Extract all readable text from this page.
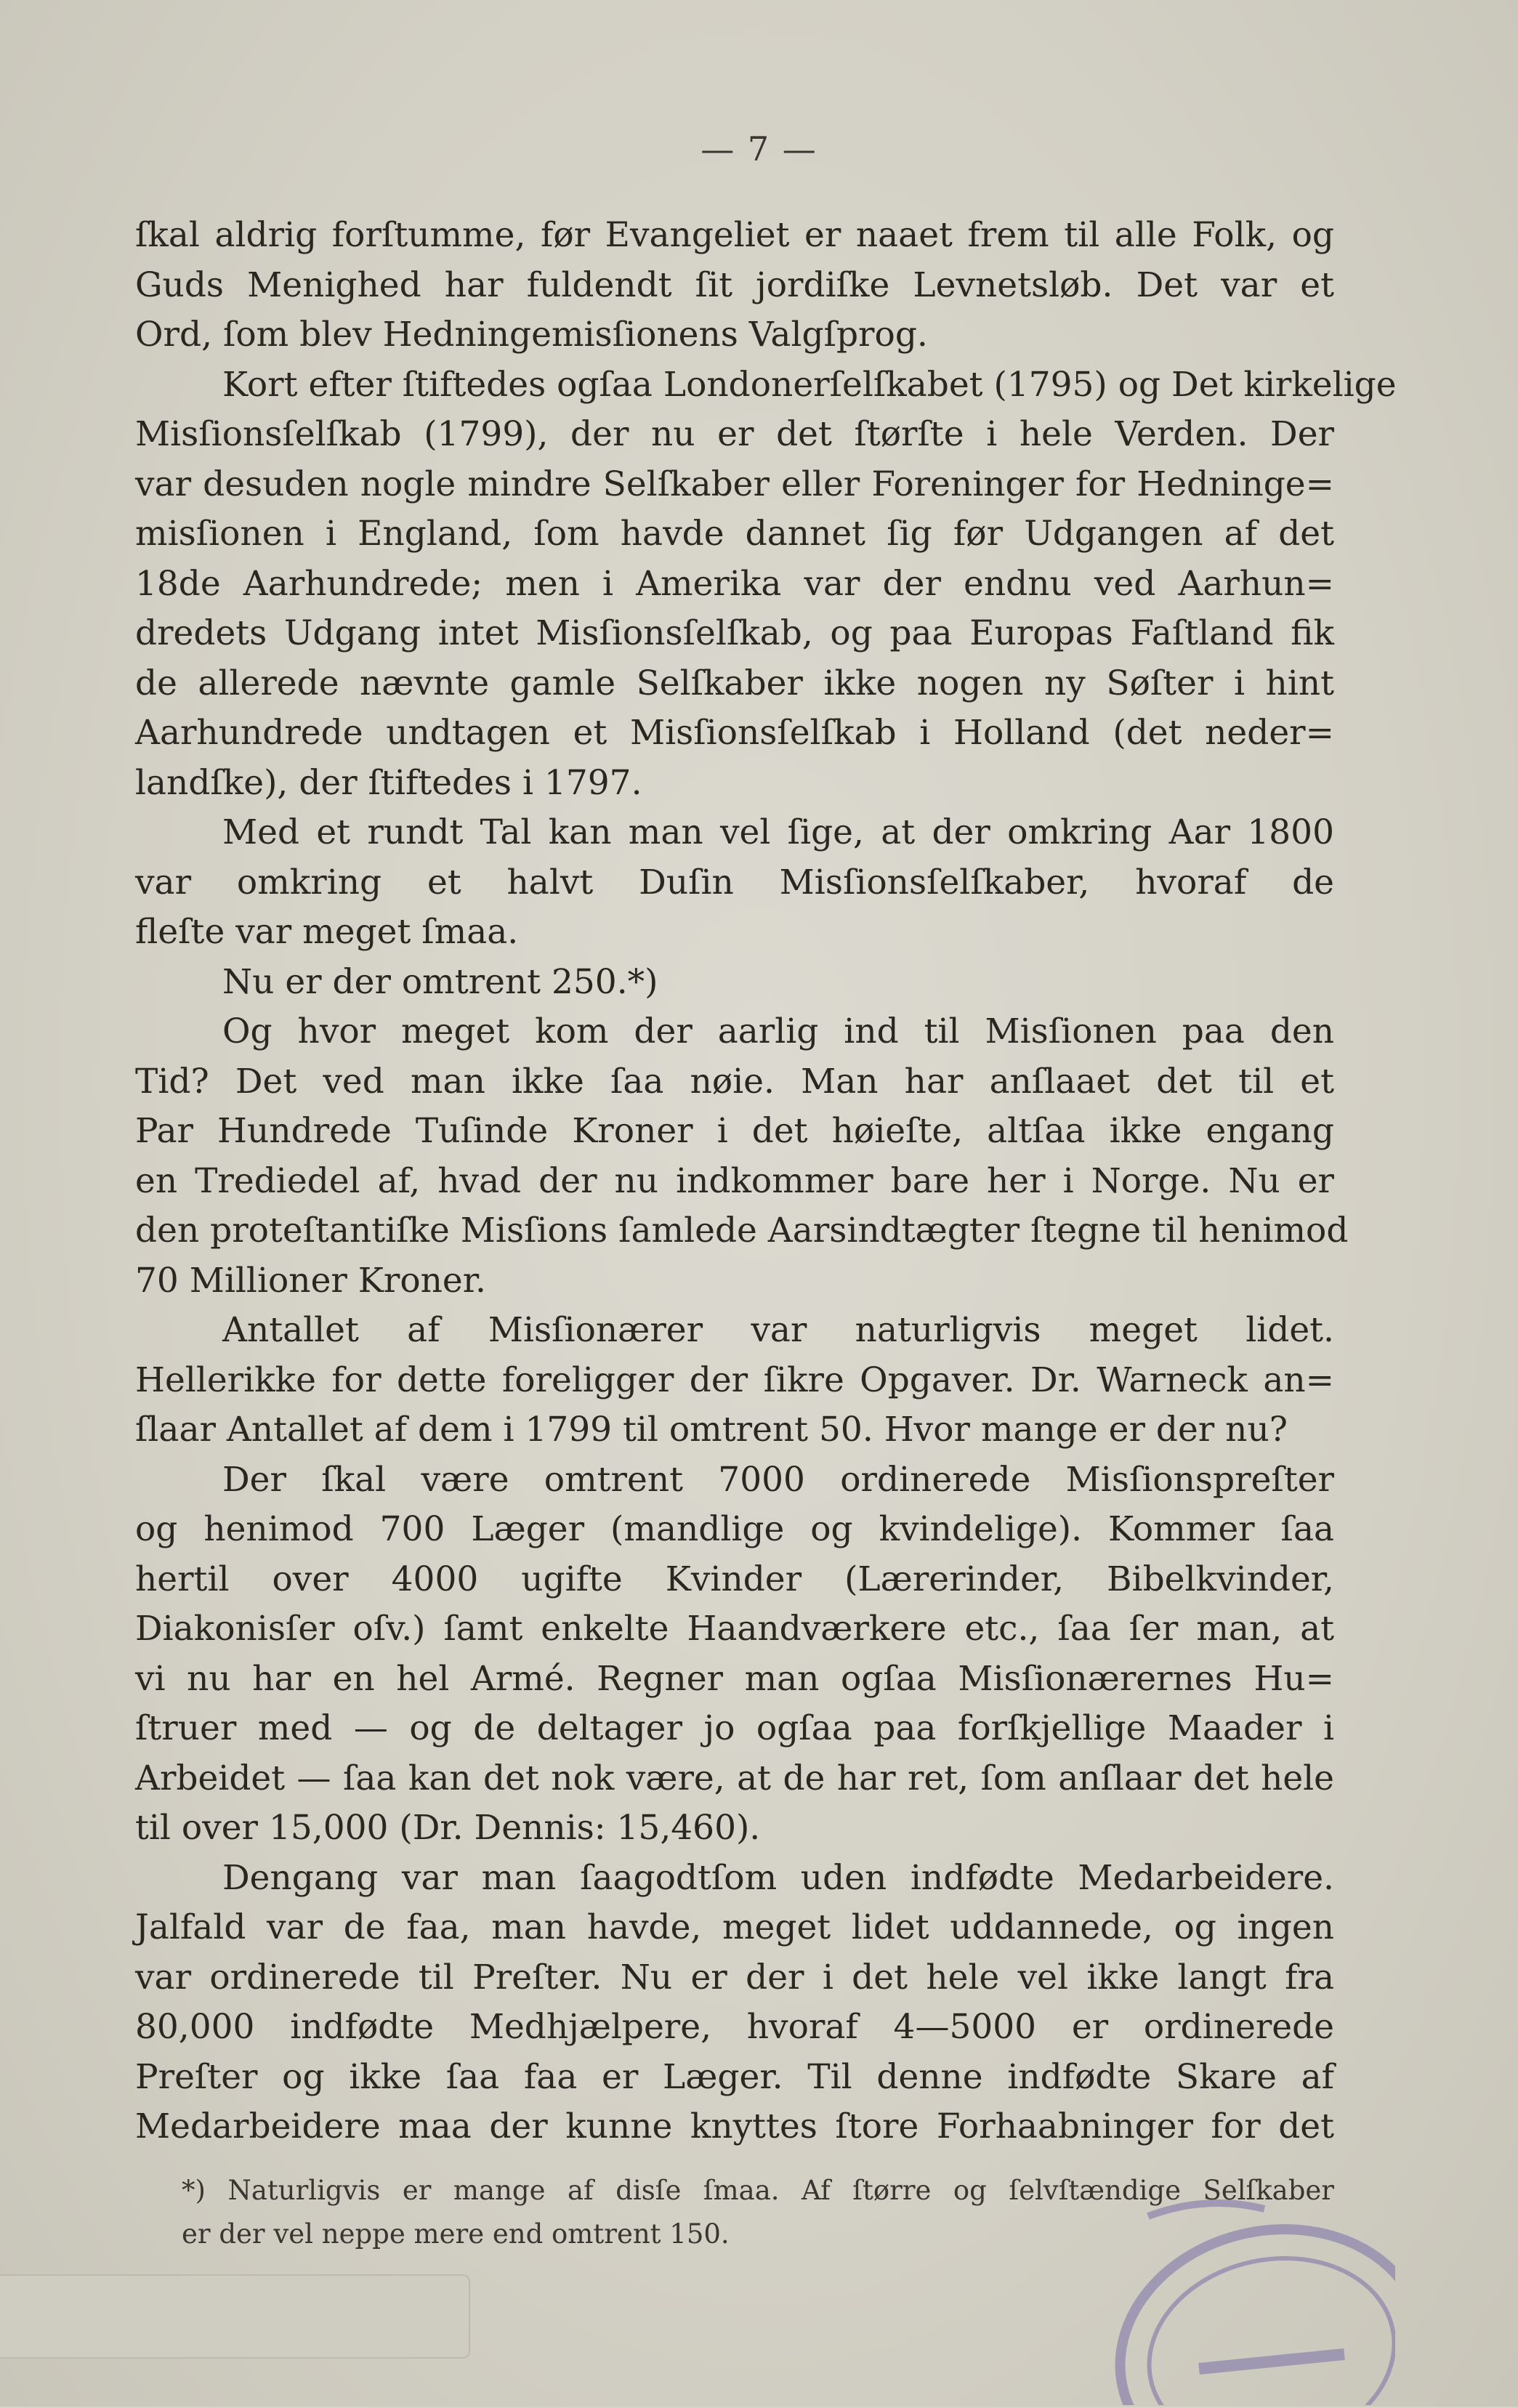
— 7 —
ſkal aldrig forſtumme, før Evangeliet er naaet frem til alle Folk, og
Guds Menighed har fuldendt ſit jordiſke Levnetsløb. Det var et
Ord, ſom blev Hedningemisſionens Valgſprog.
Kort efter ſtiftedes ogſaa Londonerſelſkabet (1795) og Det kirkelige
Misſionsſelſkab (1799), der nu er det ſtørſte i hele Verden. Der
var desuden nogle mindre Selſkaber eller Foreninger for Hedninge=
misſionen i England, ſom havde dannet ſig før Udgangen af det
18de Aarhundrede; men i Amerika var der endnu ved Aarhun=
dredets Udgang intet Misſionsſelſkab, og paa Europas Faſtland fik
de allerede nævnte gamle Selſkaber ikke nogen ny Søſter i hint
Aarhundrede undtagen et Misſionsſelſkab i Holland (det neder=
landſke), der ſtiftedes i 1797.
Med et rundt Tal kan man vel ſige, at der omkring Aar 1800
var omkring et halvt Duſin Misſionsſelſkaber, hvoraf de
fleſte var meget ſmaa.
Nu er der omtrent 250.*)
Og hvor meget kom der aarlig ind til Misſionen paa den
Tid? Det ved man ikke ſaa nøie. Man har anſlaaet det til et
Par Hundrede Tuſinde Kroner i det høieſte, altſaa ikke engang
en Trediedel af, hvad der nu indkommer bare her i Norge. Nu er
den proteſtantiſke Misſions ſamlede Aarsindtægter ſtegne til henimod
70 Millioner Kroner.
Antallet af Misſionærer var naturligvis meget lidet.
Hellerikke for dette foreligger der ſikre Opgaver. Dr. Warneck an=
ſlaar Antallet af dem i 1799 til omtrent 50. Hvor mange er der nu?
Der ſkal være omtrent 7000 ordinerede Misſionspreſter
og henimod 700 Læger (mandlige og kvindelige). Kommer ſaa
hertil over 4000 ugifte Kvinder (Lærerinder, Bibelkvinder,
Diakonisſer oſv.) ſamt enkelte Haandværkere etc., ſaa ſer man, at
vi nu har en hel Armé. Regner man ogſaa Misſionærernes Hu=
ſtruer med — og de deltager jo ogſaa paa forſkjellige Maader i
Arbeidet — ſaa kan det nok være, at de har ret, ſom anſlaar det hele
til over 15,000 (Dr. Dennis: 15,460).
Dengang var man ſaagodtſom uden indfødte Medarbeidere.
Jalfald var de faa, man havde, meget lidet uddannede, og ingen
var ordinerede til Preſter. Nu er der i det hele vel ikke langt fra
80,000 indfødte Medhjælpere, hvoraf 4—5000 er ordinerede
Preſter og ikke ſaa faa er Læger. Til denne indfødte Skare af
Medarbeidere maa der kunne knyttes ſtore Forhaabninger for det
*) Naturligvis er mange af disſe ſmaa. Af ſtørre og ſelvſtændige Selſkaber
er der vel neppe mere end omtrent 150.
